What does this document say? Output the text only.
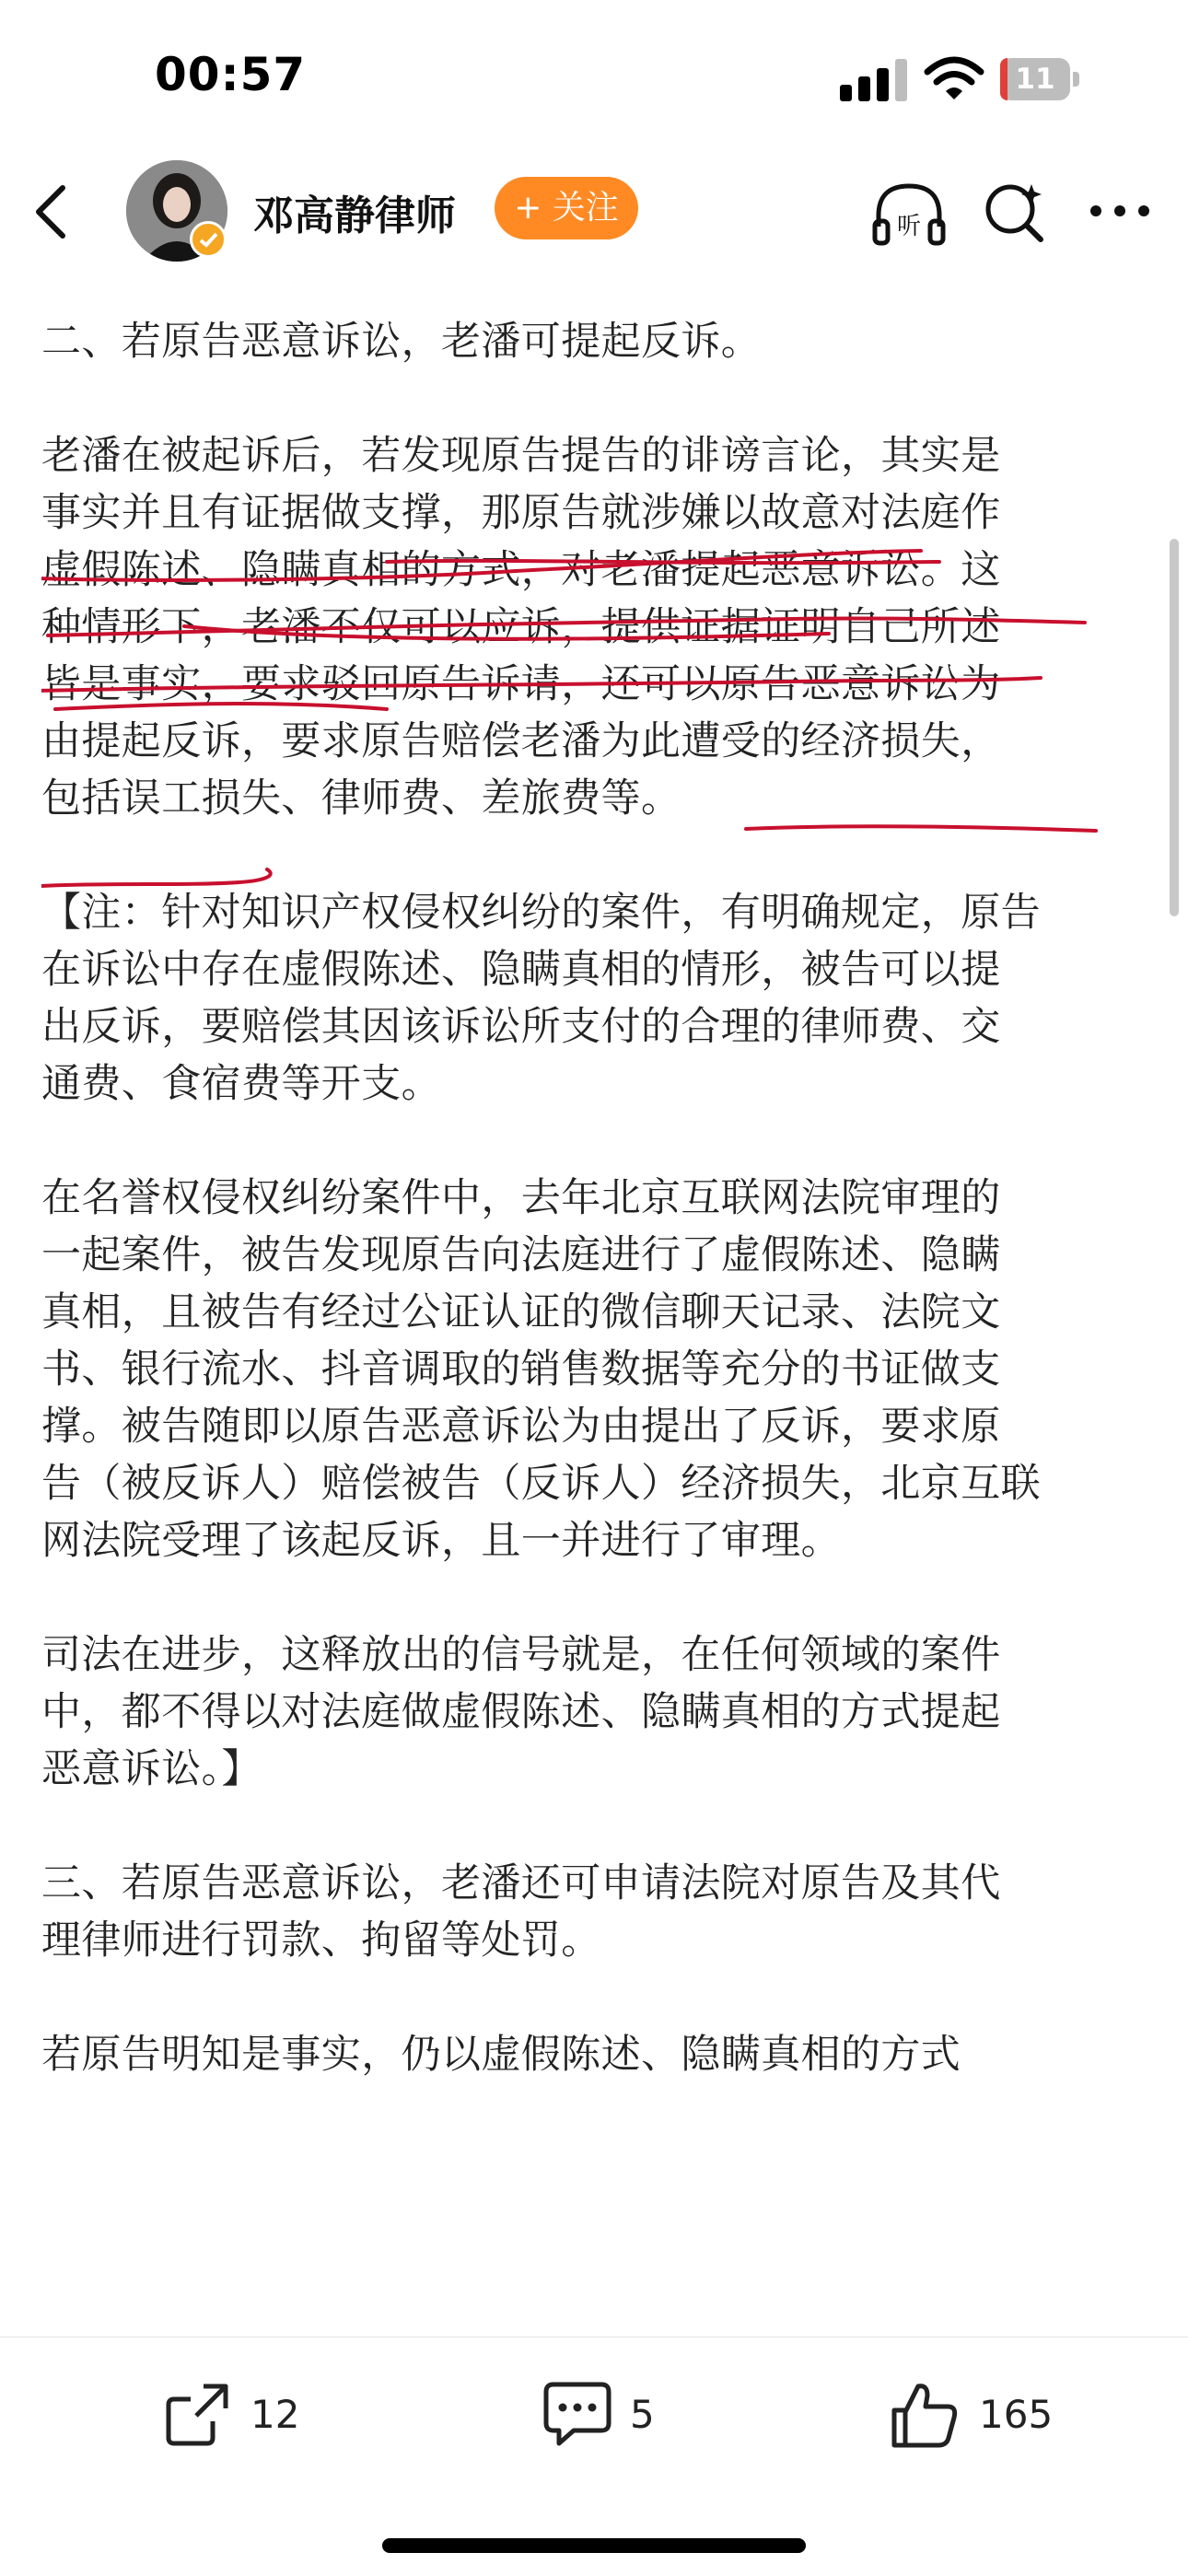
00:57	11
邓高静律师	+ 关注	听

二、若原告恶意诉讼，老潘可提起反诉。

老潘在被起诉后，若发现原告提告的诽谤言论，其实是
事实并且有证据做支撑，那原告就涉嫌以故意对法庭作
虚假陈述、隐瞒真相的方式，对老潘提起恶意诉讼。这
种情形下，老潘不仅可以应诉，提供证据证明自己所述
皆是事实，要求驳回原告诉请，还可以原告恶意诉讼为
由提起反诉，要求原告赔偿老潘为此遭受的经济损失，
包括误工损失、律师费、差旅费等。

【注：针对知识产权侵权纠纷的案件，有明确规定，原告
在诉讼中存在虚假陈述、隐瞒真相的情形，被告可以提
出反诉，要赔偿其因该诉讼所支付的合理的律师费、交
通费、食宿费等开支。

在名誉权侵权纠纷案件中，去年北京互联网法院审理的
一起案件，被告发现原告向法庭进行了虚假陈述、隐瞒
真相，且被告有经过公证认证的微信聊天记录、法院文
书、银行流水、抖音调取的销售数据等充分的书证做支
撑。被告随即以原告恶意诉讼为由提出了反诉，要求原
告（被反诉人）赔偿被告（反诉人）经济损失，北京互联
网法院受理了该起反诉，且一并进行了审理。

司法在进步，这释放出的信号就是，在任何领域的案件
中，都不得以对法庭做虚假陈述、隐瞒真相的方式提起
恶意诉讼。】

三、若原告恶意诉讼，老潘还可申请法院对原告及其代
理律师进行罚款、拘留等处罚。

若原告明知是事实，仍以虚假陈述、隐瞒真相的方式

12	5	165
